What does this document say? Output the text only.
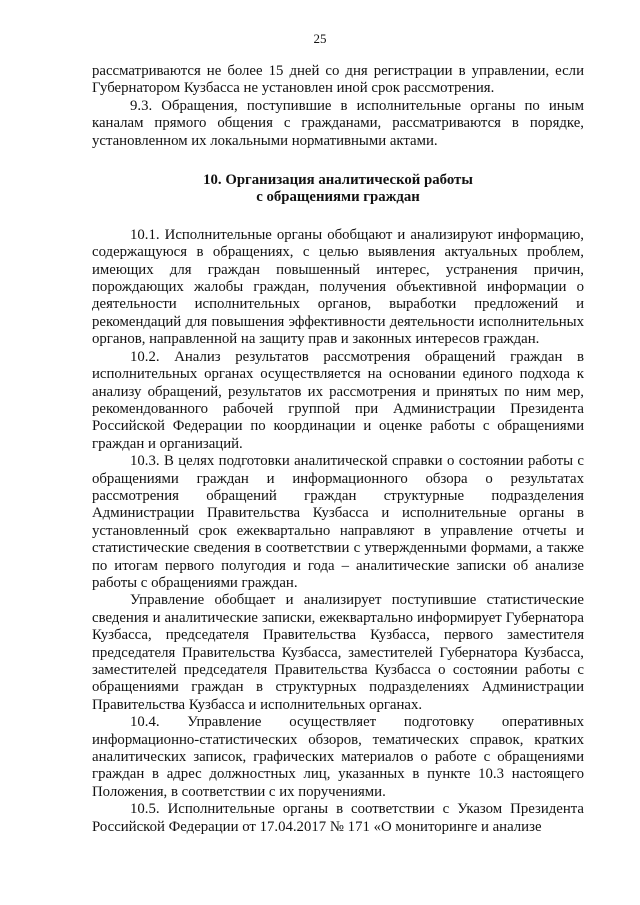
25

рассматриваются не более 15 дней со дня регистрации в управлении, если Губернатором Кузбасса не установлен иной срок рассмотрения.

9.3. Обращения, поступившие в исполнительные органы по иным каналам прямого общения с гражданами, рассматриваются в порядке, установленном их локальными нормативными актами.

10. Организация аналитической работы
с обращениями граждан

10.1. Исполнительные органы обобщают и анализируют информацию, содержащуюся в обращениях, с целью выявления актуальных проблем, имеющих для граждан повышенный интерес, устранения причин, порождающих жалобы граждан, получения объективной информации о деятельности исполнительных органов, выработки предложений и рекомендаций для повышения эффективности деятельности исполнительных органов, направленной на защиту прав и законных интересов граждан.

10.2. Анализ результатов рассмотрения обращений граждан в исполнительных органах осуществляется на основании единого подхода к анализу обращений, результатов их рассмотрения и принятых по ним мер, рекомендованного рабочей группой при Администрации Президента Российской Федерации по координации и оценке работы с обращениями граждан и организаций.

10.3. В целях подготовки аналитической справки о состоянии работы с обращениями граждан и информационного обзора о результатах рассмотрения обращений граждан структурные подразделения Администрации Правительства Кузбасса и исполнительные органы в установленный срок ежеквартально направляют в управление отчеты и статистические сведения в соответствии с утвержденными формами, а также по итогам первого полугодия и года – аналитические записки об анализе работы с обращениями граждан.

Управление обобщает и анализирует поступившие статистические сведения и аналитические записки, ежеквартально информирует Губернатора Кузбасса, председателя Правительства Кузбасса, первого заместителя председателя Правительства Кузбасса, заместителей Губернатора Кузбасса, заместителей председателя Правительства Кузбасса о состоянии работы с обращениями граждан в структурных подразделениях Администрации Правительства Кузбасса и исполнительных органах.

10.4. Управление осуществляет подготовку оперативных информационно-статистических обзоров, тематических справок, кратких аналитических записок, графических материалов о работе с обращениями граждан в адрес должностных лиц, указанных в пункте 10.3 настоящего Положения, в соответствии с их поручениями.

10.5. Исполнительные органы в соответствии с Указом Президента Российской Федерации от 17.04.2017 № 171 «О мониторинге и анализе
